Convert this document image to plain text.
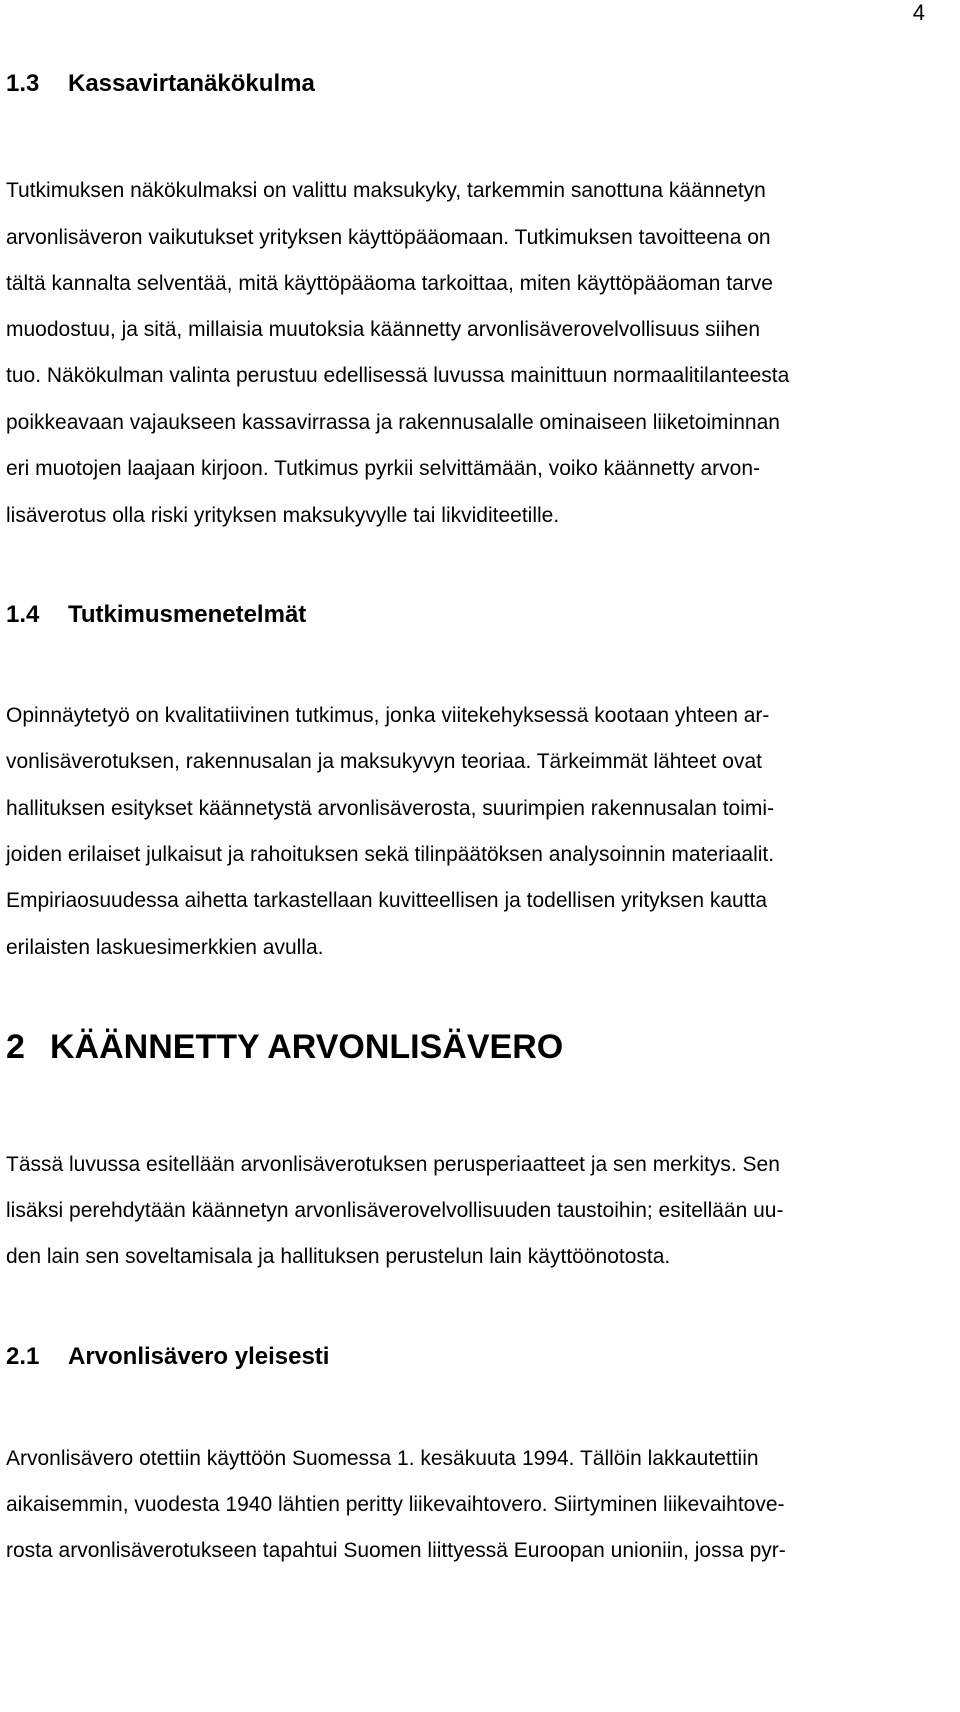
4
1.3 Kassavirtanäkökulma
Tutkimuksen näkökulmaksi on valittu maksukyky, tarkemmin sanottuna käännetyn
arvonlisäveron vaikutukset yrityksen käyttöpääomaan. Tutkimuksen tavoitteena on
tältä kannalta selventää, mitä käyttöpääoma tarkoittaa, miten käyttöpääoman tarve
muodostuu, ja sitä, millaisia muutoksia käännetty arvonlisäverovelvollisuus siihen
tuo. Näkökulman valinta perustuu edellisessä luvussa mainittuun normaalitilanteesta
poikkeavaan vajaukseen kassavirrassa ja rakennusalalle ominaiseen liiketoiminnan
eri muotojen laajaan kirjoon. Tutkimus pyrkii selvittämään, voiko käännetty arvon-
lisäverotus olla riski yrityksen maksukyvylle tai likviditeetille.
1.4 Tutkimusmenetelmät
Opinnäytetyö on kvalitatiivinen tutkimus, jonka viitekehyksessä kootaan yhteen ar-
vonlisäverotuksen, rakennusalan ja maksukyvyn teoriaa. Tärkeimmät lähteet ovat
hallituksen esitykset käännetystä arvonlisäverosta, suurimpien rakennusalan toimi-
joiden erilaiset julkaisut ja rahoituksen sekä tilinpäätöksen analysoinnin materiaalit.
Empiriaosuudessa aihetta tarkastellaan kuvitteellisen ja todellisen yrityksen kautta
erilaisten laskuesimerkkien avulla.
2 KÄÄNNETTY ARVONLISÄVERO
Tässä luvussa esitellään arvonlisäverotuksen perusperiaatteet ja sen merkitys. Sen
lisäksi perehdytään käännetyn arvonlisäverovelvollisuuden taustoihin; esitellään uu-
den lain sen soveltamisala ja hallituksen perustelun lain käyttöönotosta.
2.1 Arvonlisävero yleisesti
Arvonlisävero otettiin käyttöön Suomessa 1. kesäkuuta 1994. Tällöin lakkautettiin
aikaisemmin, vuodesta 1940 lähtien peritty liikevaihtovero. Siirtyminen liikevaihtove-
rosta arvonlisäverotukseen tapahtui Suomen liittyessä Euroopan unioniin, jossa pyr-
